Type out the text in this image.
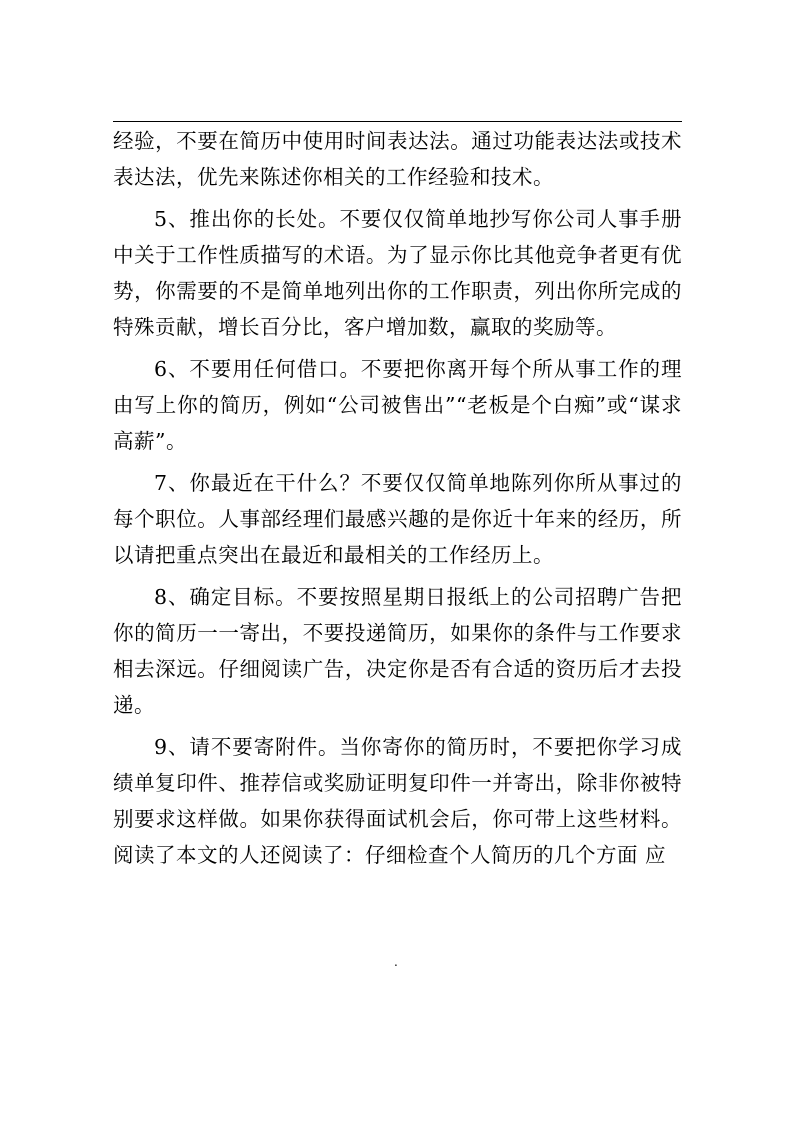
经验，不要在简历中使用时间表达法。通过功能表达法或技术表达法，优先来陈述你相关的工作经验和技术。

5、推出你的长处。不要仅仅简单地抄写你公司人事手册中关于工作性质描写的术语。为了显示你比其他竞争者更有优势，你需要的不是简单地列出你的工作职责，列出你所完成的特殊贡献，增长百分比，客户增加数，赢取的奖励等。

6、不要用任何借口。不要把你离开每个所从事工作的理由写上你的简历，例如“公司被售出”“老板是个白痴”或“谋求高薪”。

7、你最近在干什么？不要仅仅简单地陈列你所从事过的每个职位。人事部经理们最感兴趣的是你近十年来的经历，所以请把重点突出在最近和最相关的工作经历上。

8、确定目标。不要按照星期日报纸上的公司招聘广告把你的简历一一寄出，不要投递简历，如果你的条件与工作要求相去深远。仔细阅读广告，决定你是否有合适的资历后才去投递。

9、请不要寄附件。当你寄你的简历时，不要把你学习成绩单复印件、推荐信或奖励证明复印件一并寄出，除非你被特别要求这样做。如果你获得面试机会后，你可带上这些材料。阅读了本文的人还阅读了：仔细检查个人简历的几个方面 应

.
